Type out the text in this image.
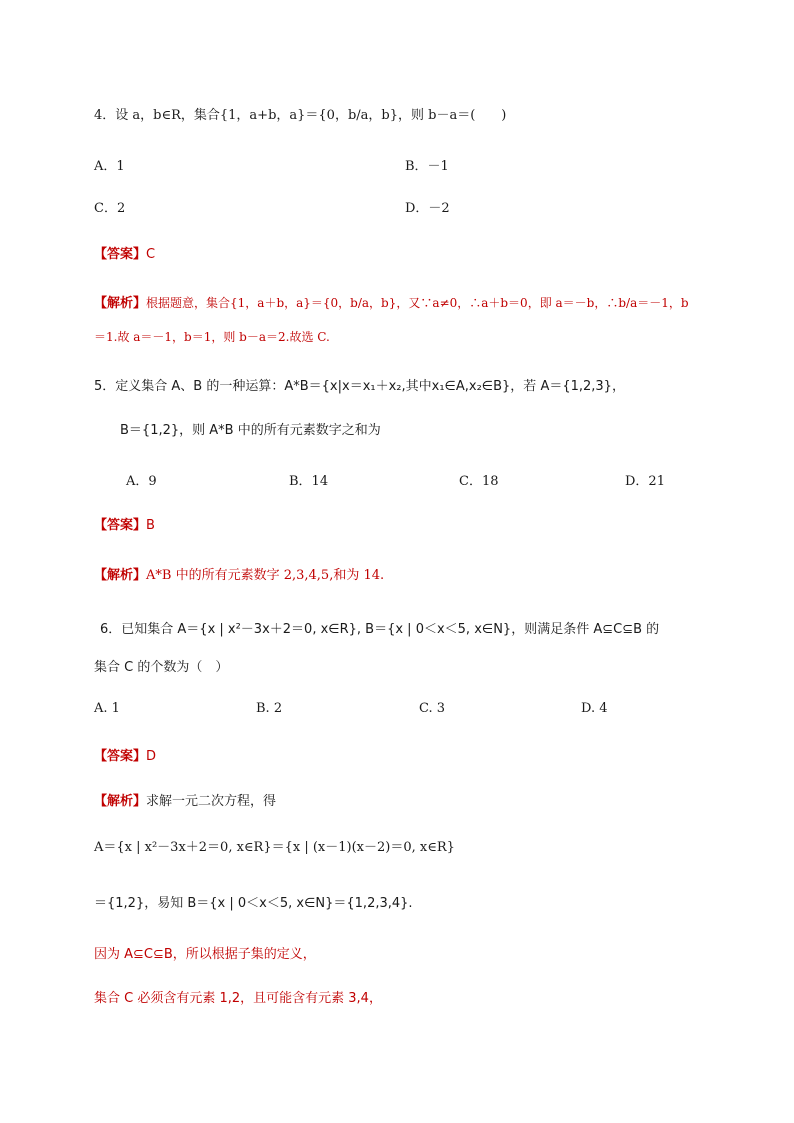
4．设 a，b∈R，集合{1，a+b，a}＝{0，b/a，b}，则 b－a＝(　　)
A．1	B．－1
C．2	D．－2
【答案】C
【解析】根据题意，集合{1，a＋b，a}＝{0，b/a，b}，又∵a≠0，∴a＋b＝0，即 a＝－b，∴b/a＝－1，b
＝1.故 a＝－1，b＝1，则 b－a＝2.故选 C.
5．定义集合 A、B 的一种运算：A*B＝{x|x＝x₁＋x₂,其中x₁∈A,x₂∈B}，若 A＝{1,2,3}，
B＝{1,2}，则 A*B 中的所有元素数字之和为
A．9	B．14	C．18	D．21
【答案】B
【解析】A*B 中的所有元素数字 2,3,4,5,和为 14.
6．已知集合 A＝{x | x²－3x＋2＝0, x∈R}, B＝{x | 0＜x＜5, x∈N}，则满足条件 A⊆C⊆B 的
集合 C 的个数为（　）
A. 1	B. 2	C. 3	D. 4
【答案】D
【解析】求解一元二次方程，得
A＝{x | x²－3x＋2＝0, x∈R}＝{x | (x－1)(x－2)＝0, x∈R}
＝{1,2}，易知 B＝{x | 0＜x＜5, x∈N}＝{1,2,3,4}.
因为 A⊆C⊆B，所以根据子集的定义，
集合 C 必须含有元素 1,2，且可能含有元素 3,4，
